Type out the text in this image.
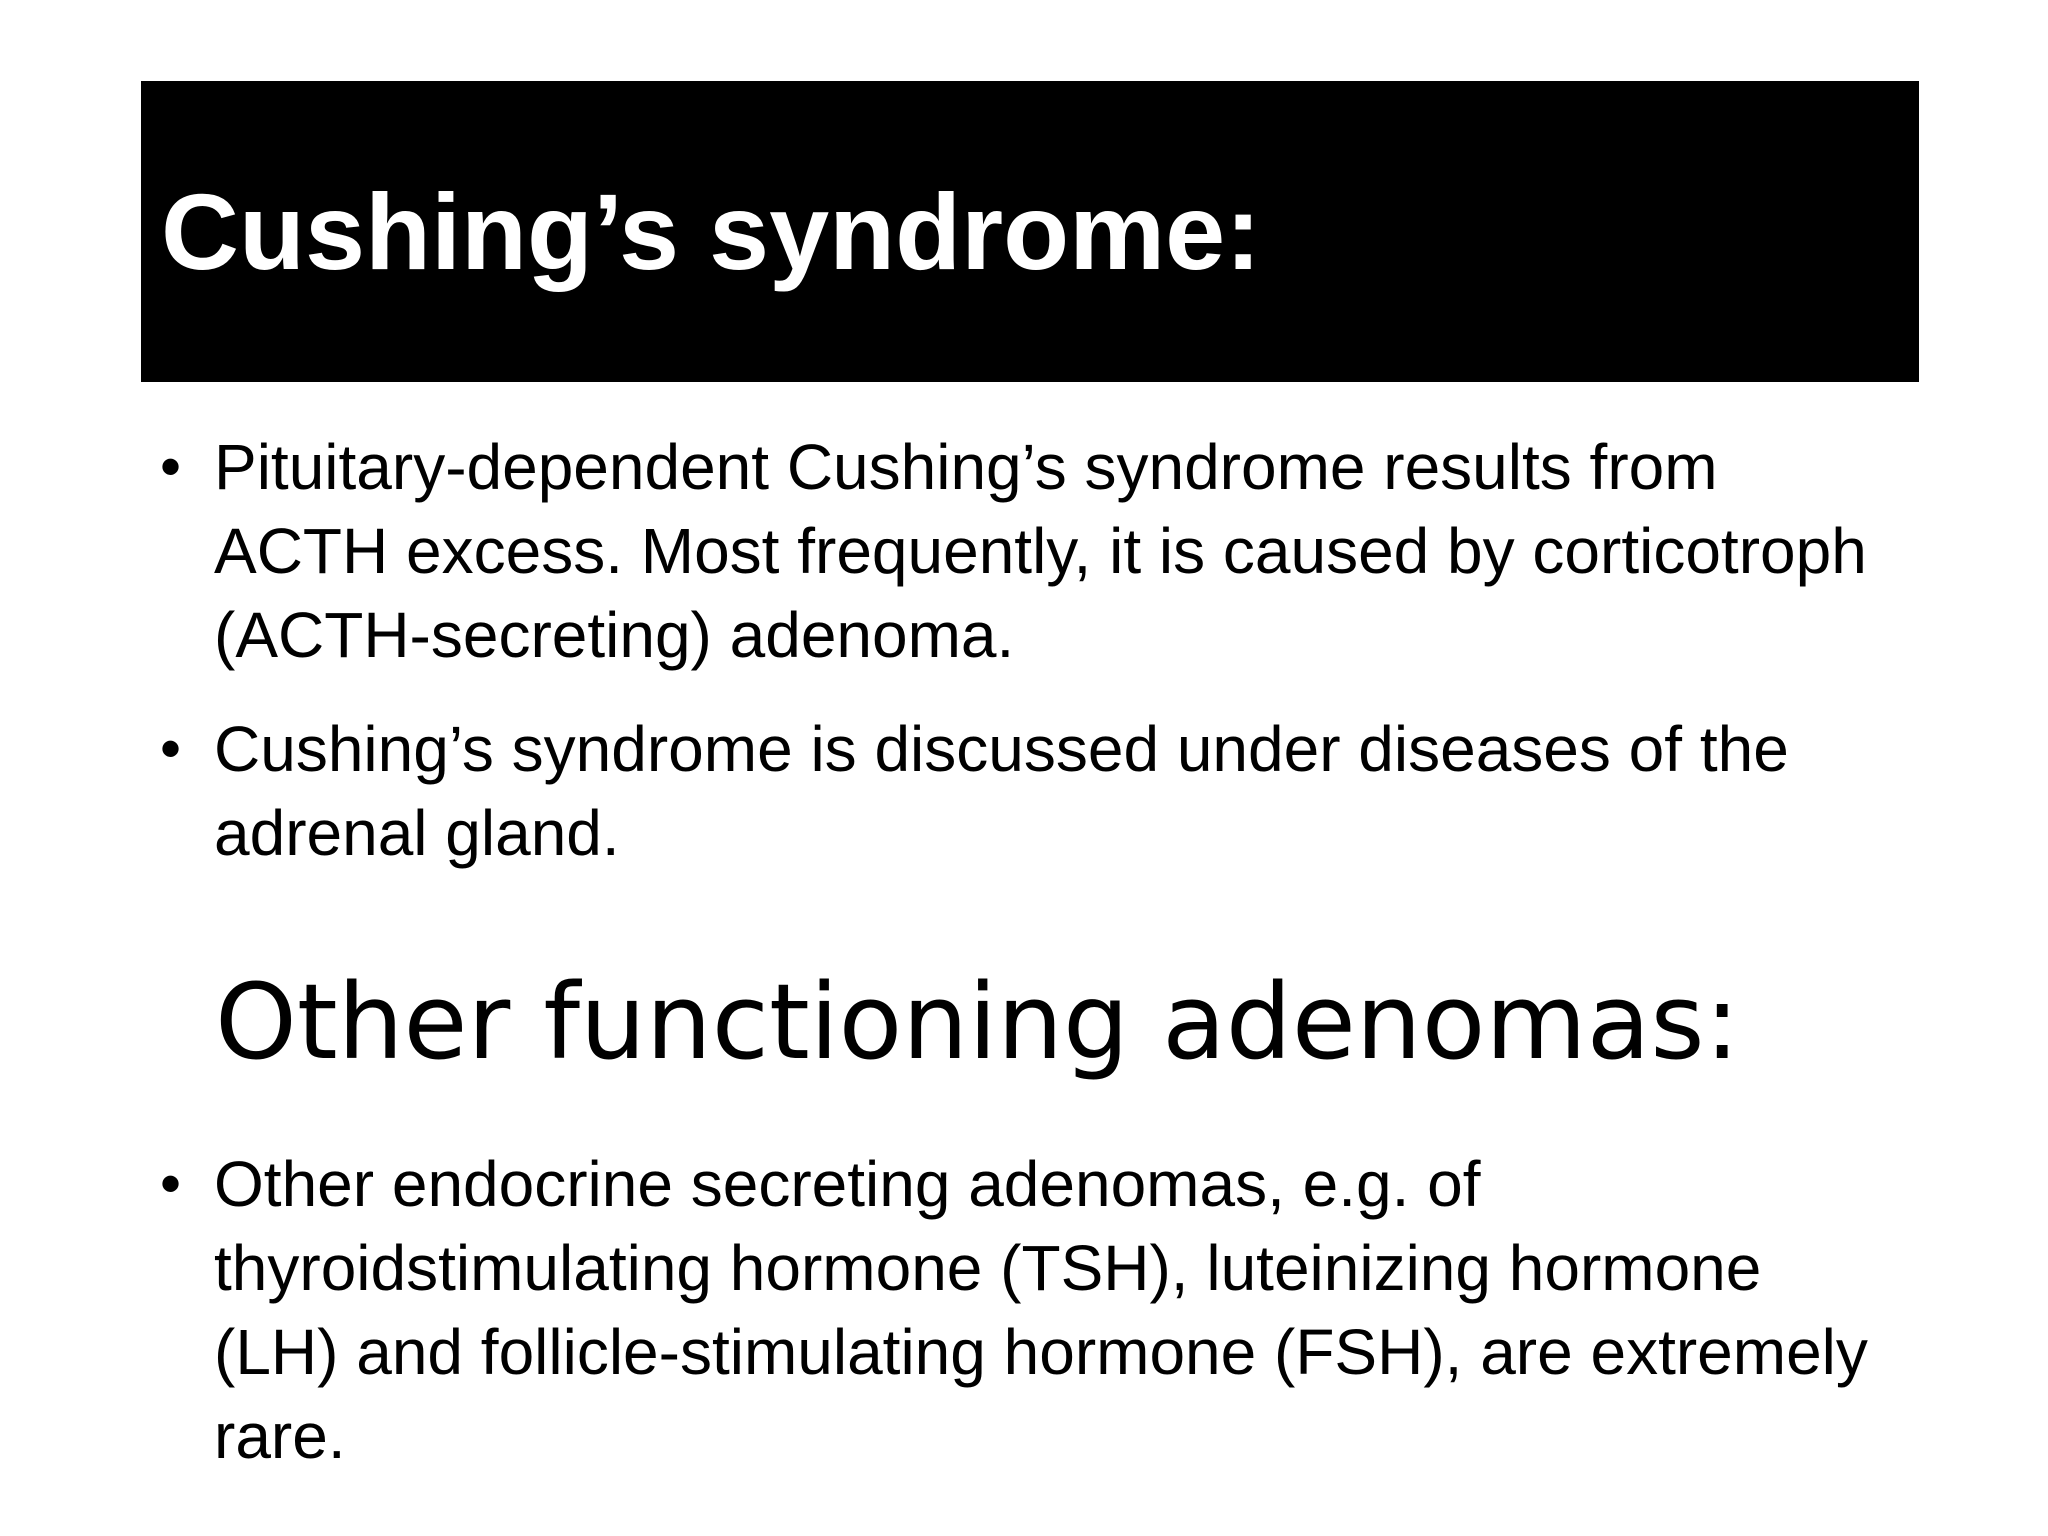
Cushing’s syndrome:
• Pituitary-dependent Cushing’s syndrome results from ACTH excess. Most frequently, it is caused by corticotroph (ACTH-secreting) adenoma.
• Cushing’s syndrome is discussed under diseases of the adrenal gland.
Other functioning adenomas:
• Other endocrine secreting adenomas, e.g. of thyroidstimulating hormone (TSH), luteinizing hormone (LH) and follicle-stimulating hormone (FSH), are extremely rare.
